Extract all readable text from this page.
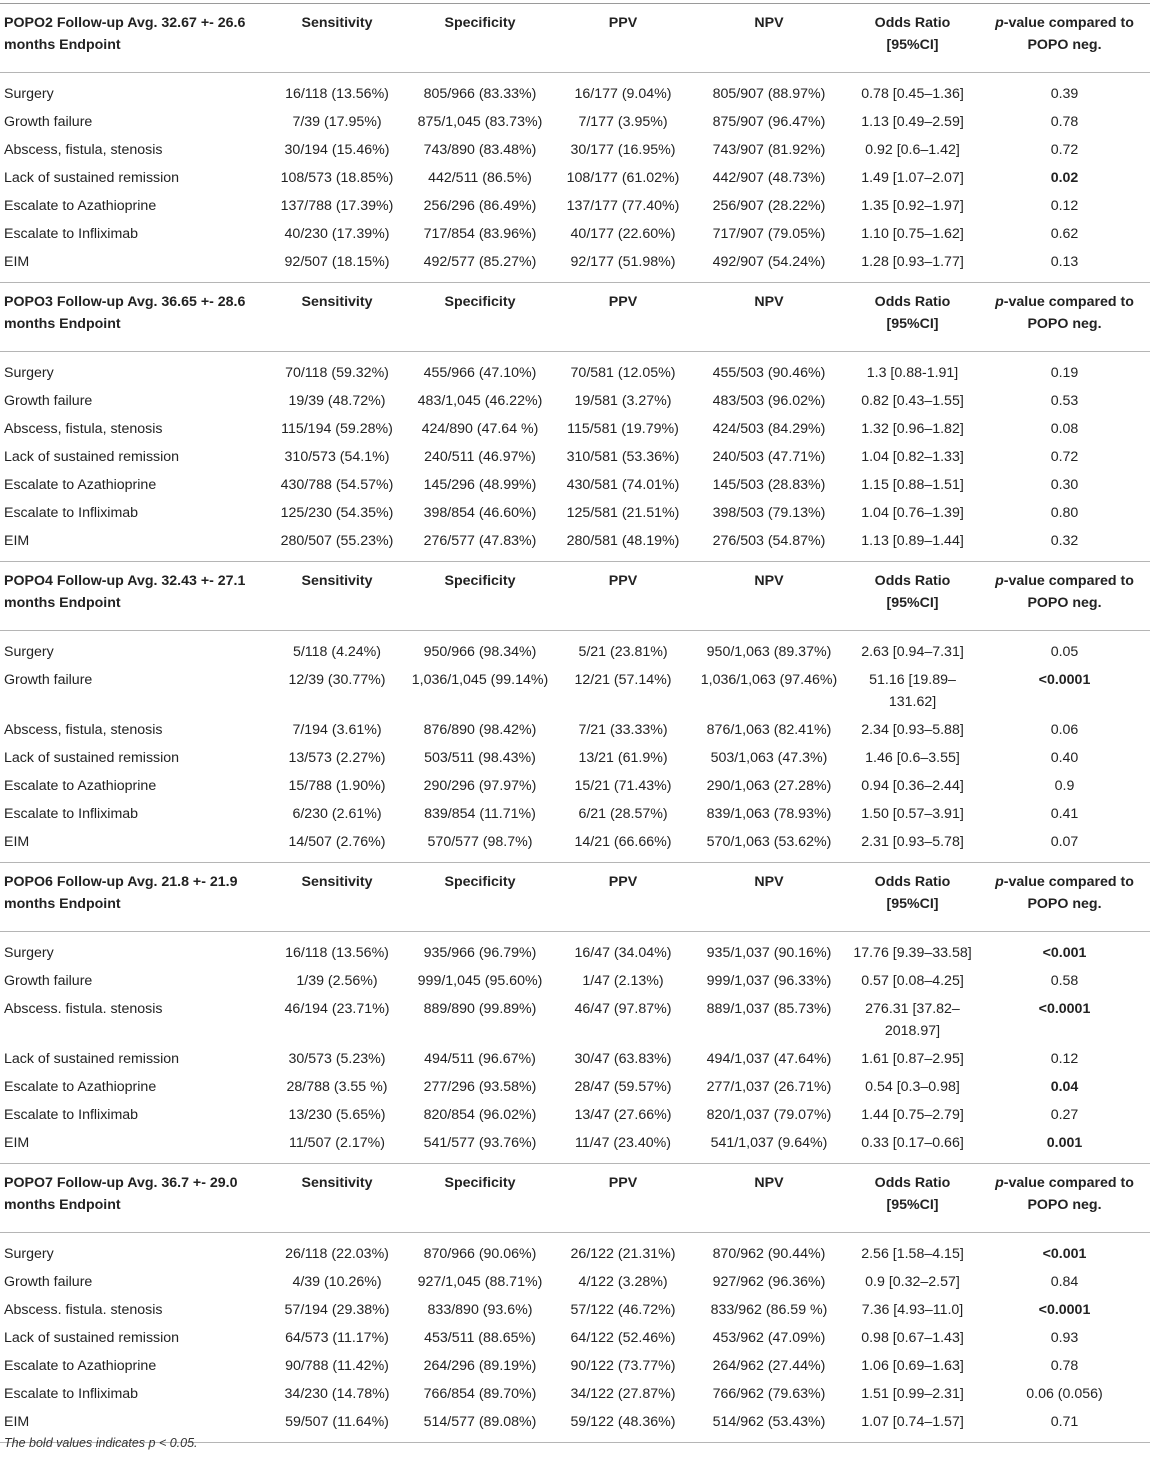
POPO2 Follow-up Avg. 32.67 +- 26.6 months Endpoint	Sensitivity	Specificity	PPV	NPV	Odds Ratio [95%CI]	p-value compared to POPO neg.
Surgery	16/118 (13.56%)	805/966 (83.33%)	16/177 (9.04%)	805/907 (88.97%)	0.78 [0.45–1.36]	0.39
Growth failure	7/39 (17.95%)	875/1,045 (83.73%)	7/177 (3.95%)	875/907 (96.47%)	1.13 [0.49–2.59]	0.78
Abscess, fistula, stenosis	30/194 (15.46%)	743/890 (83.48%)	30/177 (16.95%)	743/907 (81.92%)	0.92 [0.6–1.42]	0.72
Lack of sustained remission	108/573 (18.85%)	442/511 (86.5%)	108/177 (61.02%)	442/907 (48.73%)	1.49 [1.07–2.07]	0.02
Escalate to Azathioprine	137/788 (17.39%)	256/296 (86.49%)	137/177 (77.40%)	256/907 (28.22%)	1.35 [0.92–1.97]	0.12
Escalate to Infliximab	40/230 (17.39%)	717/854 (83.96%)	40/177 (22.60%)	717/907 (79.05%)	1.10 [0.75–1.62]	0.62
EIM	92/507 (18.15%)	492/577 (85.27%)	92/177 (51.98%)	492/907 (54.24%)	1.28 [0.93–1.77]	0.13
POPO3 Follow-up Avg. 36.65 +- 28.6 months Endpoint	Sensitivity	Specificity	PPV	NPV	Odds Ratio [95%CI]	p-value compared to POPO neg.
Surgery	70/118 (59.32%)	455/966 (47.10%)	70/581 (12.05%)	455/503 (90.46%)	1.3 [0.88-1.91]	0.19
Growth failure	19/39 (48.72%)	483/1,045 (46.22%)	19/581 (3.27%)	483/503 (96.02%)	0.82 [0.43–1.55]	0.53
Abscess, fistula, stenosis	115/194 (59.28%)	424/890 (47.64 %)	115/581 (19.79%)	424/503 (84.29%)	1.32 [0.96–1.82]	0.08
Lack of sustained remission	310/573 (54.1%)	240/511 (46.97%)	310/581 (53.36%)	240/503 (47.71%)	1.04 [0.82–1.33]	0.72
Escalate to Azathioprine	430/788 (54.57%)	145/296 (48.99%)	430/581 (74.01%)	145/503 (28.83%)	1.15 [0.88–1.51]	0.30
Escalate to Infliximab	125/230 (54.35%)	398/854 (46.60%)	125/581 (21.51%)	398/503 (79.13%)	1.04 [0.76–1.39]	0.80
EIM	280/507 (55.23%)	276/577 (47.83%)	280/581 (48.19%)	276/503 (54.87%)	1.13 [0.89–1.44]	0.32
POPO4 Follow-up Avg. 32.43 +- 27.1 months Endpoint	Sensitivity	Specificity	PPV	NPV	Odds Ratio [95%CI]	p-value compared to POPO neg.
Surgery	5/118 (4.24%)	950/966 (98.34%)	5/21 (23.81%)	950/1,063 (89.37%)	2.63 [0.94–7.31]	0.05
Growth failure	12/39 (30.77%)	1,036/1,045 (99.14%)	12/21 (57.14%)	1,036/1,063 (97.46%)	51.16 [19.89–131.62]	<0.0001
Abscess, fistula, stenosis	7/194 (3.61%)	876/890 (98.42%)	7/21 (33.33%)	876/1,063 (82.41%)	2.34 [0.93–5.88]	0.06
Lack of sustained remission	13/573 (2.27%)	503/511 (98.43%)	13/21 (61.9%)	503/1,063 (47.3%)	1.46 [0.6–3.55]	0.40
Escalate to Azathioprine	15/788 (1.90%)	290/296 (97.97%)	15/21 (71.43%)	290/1,063 (27.28%)	0.94 [0.36–2.44]	0.9
Escalate to Infliximab	6/230 (2.61%)	839/854 (11.71%)	6/21 (28.57%)	839/1,063 (78.93%)	1.50 [0.57–3.91]	0.41
EIM	14/507 (2.76%)	570/577 (98.7%)	14/21 (66.66%)	570/1,063 (53.62%)	2.31 [0.93–5.78]	0.07
POPO6 Follow-up Avg. 21.8 +- 21.9 months Endpoint	Sensitivity	Specificity	PPV	NPV	Odds Ratio [95%CI]	p-value compared to POPO neg.
Surgery	16/118 (13.56%)	935/966 (96.79%)	16/47 (34.04%)	935/1,037 (90.16%)	17.76 [9.39–33.58]	<0.001
Growth failure	1/39 (2.56%)	999/1,045 (95.60%)	1/47 (2.13%)	999/1,037 (96.33%)	0.57 [0.08–4.25]	0.58
Abscess. fistula. stenosis	46/194 (23.71%)	889/890 (99.89%)	46/47 (97.87%)	889/1,037 (85.73%)	276.31 [37.82–2018.97]	<0.0001
Lack of sustained remission	30/573 (5.23%)	494/511 (96.67%)	30/47 (63.83%)	494/1,037 (47.64%)	1.61 [0.87–2.95]	0.12
Escalate to Azathioprine	28/788 (3.55 %)	277/296 (93.58%)	28/47 (59.57%)	277/1,037 (26.71%)	0.54 [0.3–0.98]	0.04
Escalate to Infliximab	13/230 (5.65%)	820/854 (96.02%)	13/47 (27.66%)	820/1,037 (79.07%)	1.44 [0.75–2.79]	0.27
EIM	11/507 (2.17%)	541/577 (93.76%)	11/47 (23.40%)	541/1,037 (9.64%)	0.33 [0.17–0.66]	0.001
POPO7 Follow-up Avg. 36.7 +- 29.0 months Endpoint	Sensitivity	Specificity	PPV	NPV	Odds Ratio [95%CI]	p-value compared to POPO neg.
Surgery	26/118 (22.03%)	870/966 (90.06%)	26/122 (21.31%)	870/962 (90.44%)	2.56 [1.58–4.15]	<0.001
Growth failure	4/39 (10.26%)	927/1,045 (88.71%)	4/122 (3.28%)	927/962 (96.36%)	0.9 [0.32–2.57]	0.84
Abscess. fistula. stenosis	57/194 (29.38%)	833/890 (93.6%)	57/122 (46.72%)	833/962 (86.59 %)	7.36 [4.93–11.0]	<0.0001
Lack of sustained remission	64/573 (11.17%)	453/511 (88.65%)	64/122 (52.46%)	453/962 (47.09%)	0.98 [0.67–1.43]	0.93
Escalate to Azathioprine	90/788 (11.42%)	264/296 (89.19%)	90/122 (73.77%)	264/962 (27.44%)	1.06 [0.69–1.63]	0.78
Escalate to Infliximab	34/230 (14.78%)	766/854 (89.70%)	34/122 (27.87%)	766/962 (79.63%)	1.51 [0.99–2.31]	0.06 (0.056)
EIM	59/507 (11.64%)	514/577 (89.08%)	59/122 (48.36%)	514/962 (53.43%)	1.07 [0.74–1.57]	0.71
The bold values indicates p < 0.05.
